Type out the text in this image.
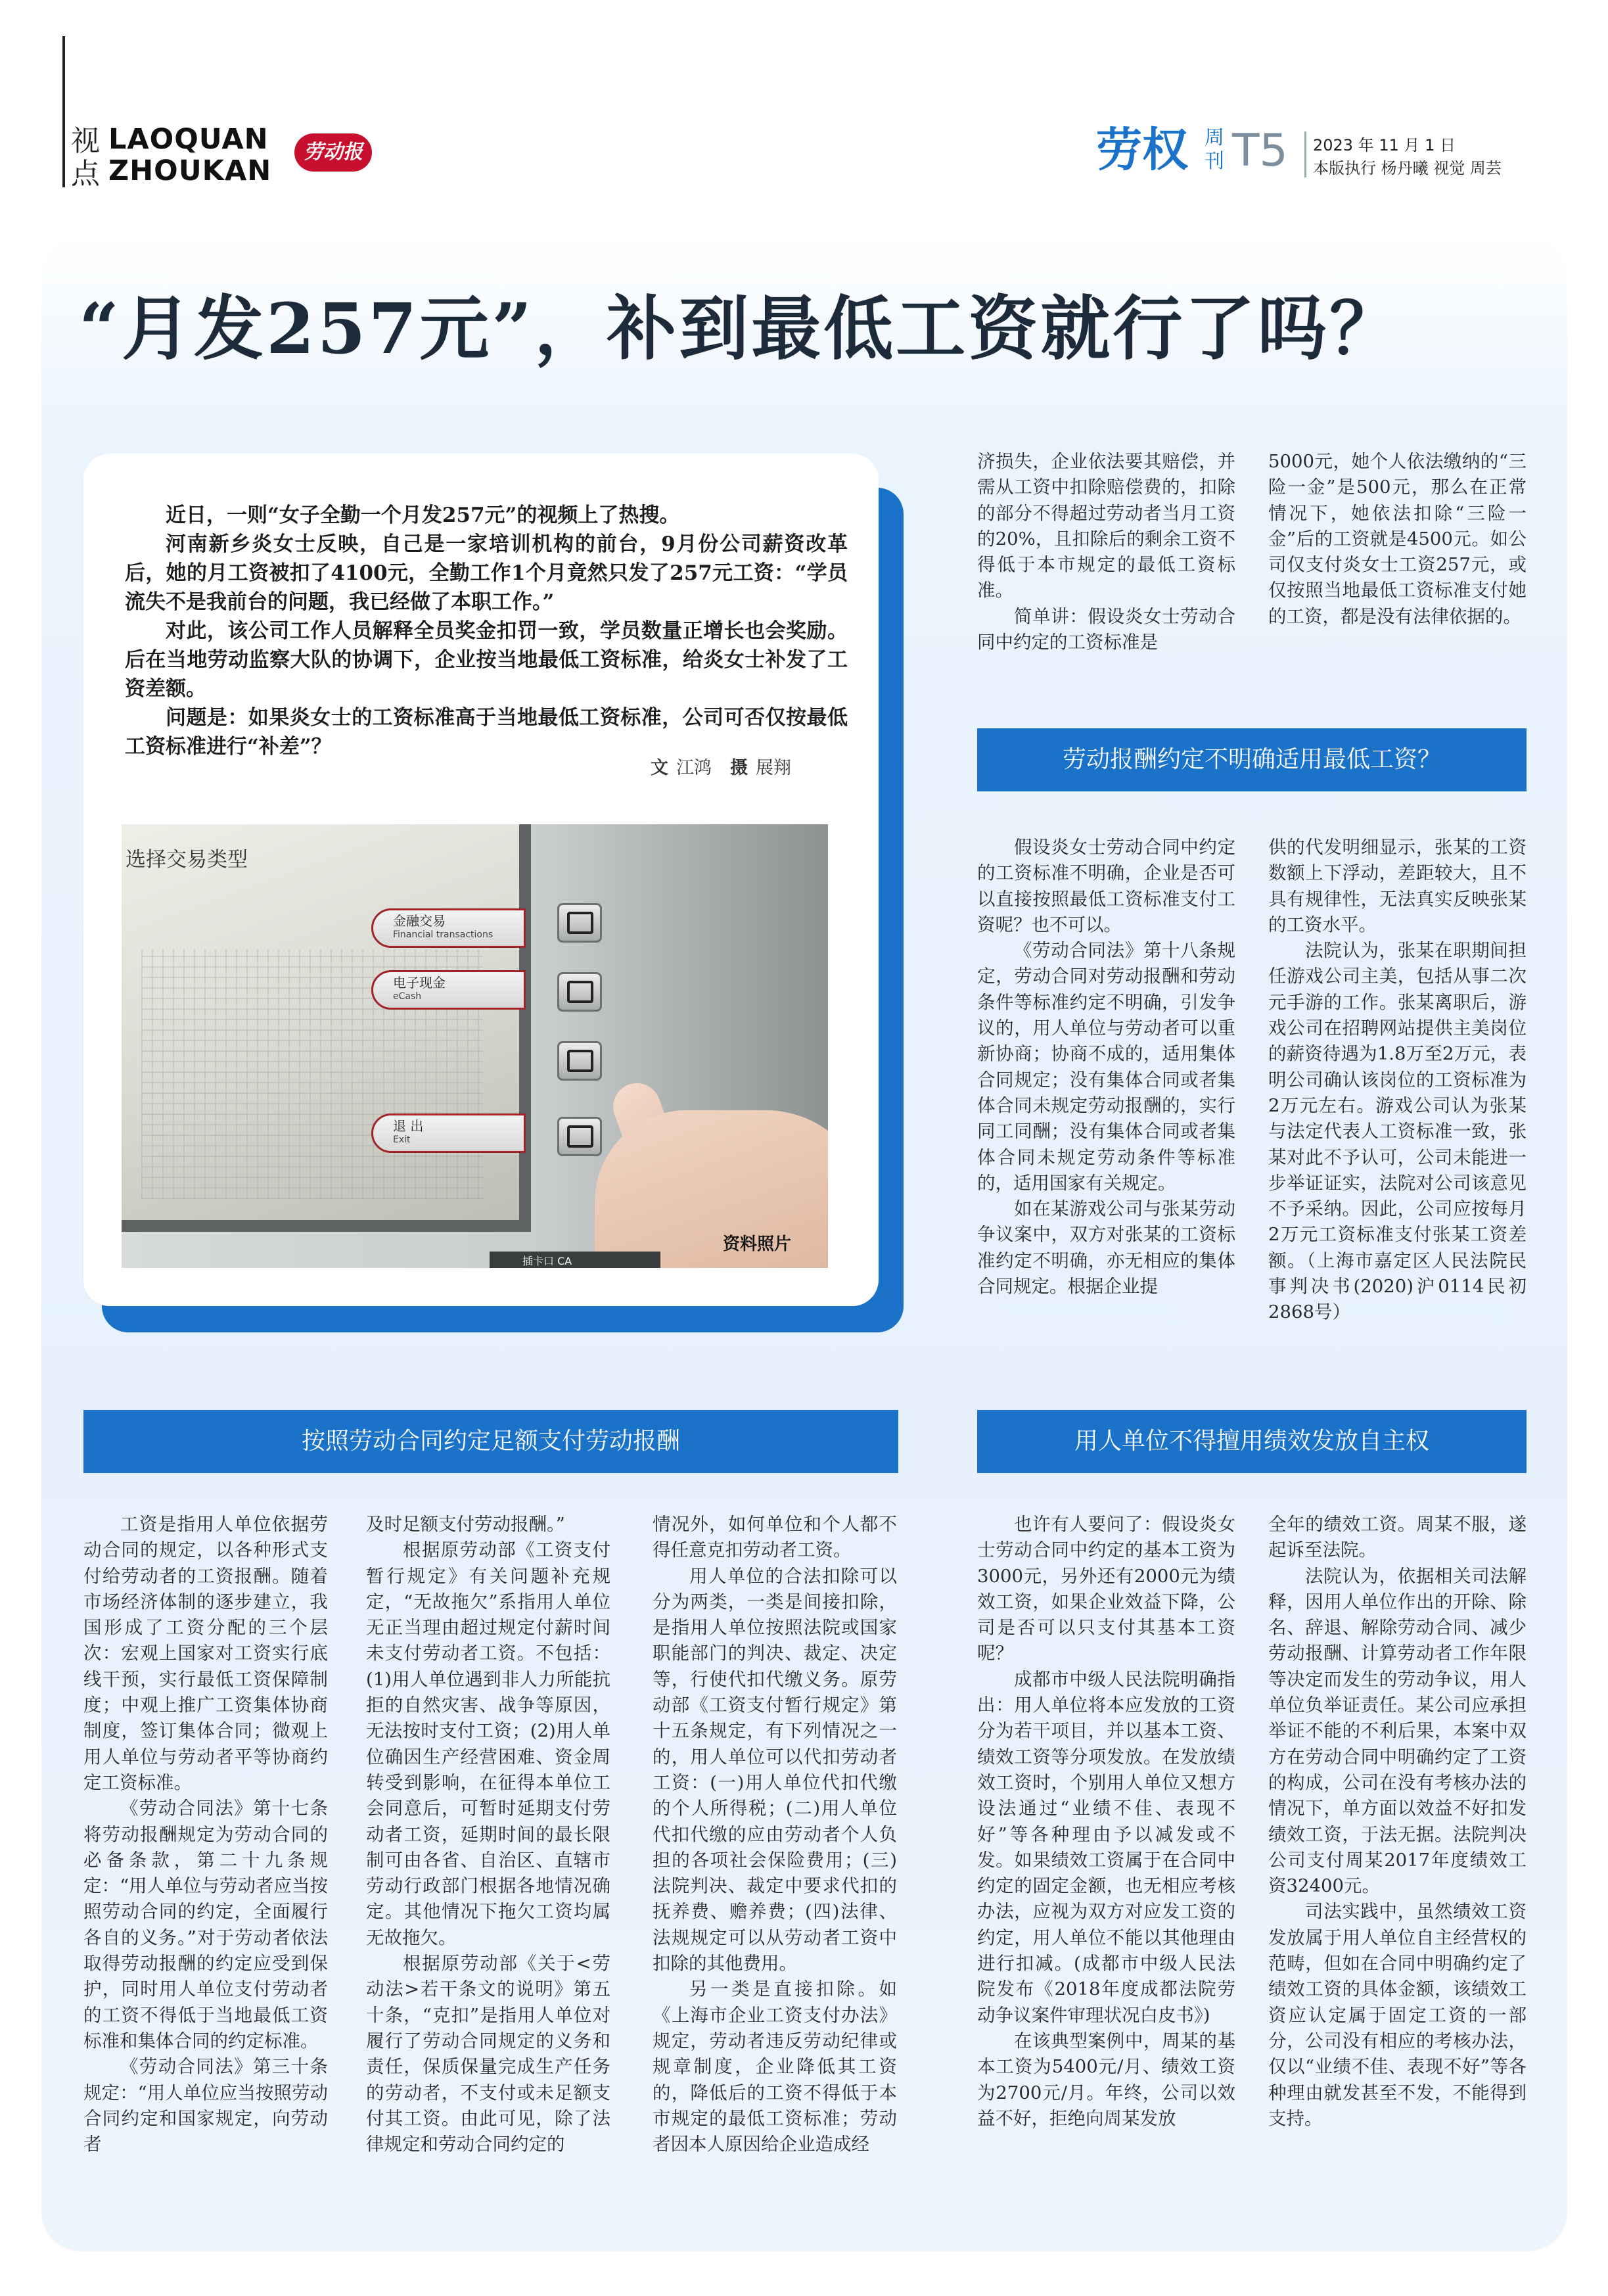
视点
LAOQUAN
ZHOUKAN
劳动报	劳权 周刊 T5 2023 年 11 月 1 日
本版执行 杨丹曦 视觉 周芸
“月发257元”，补到最低工资就行了吗？

近日，一则“女子全勤一个月发257元”的视频上了热搜。

河南新乡炎女士反映，自己是一家培训机构的前台，9月份公司薪资改革后，她的月工资被扣了4100元，全勤工作1个月竟然只发了257元工资：“学员流失不是我前台的问题，我已经做了本职工作。”

对此，该公司工作人员解释全员奖金扣罚一致，学员数量正增长也会奖励。后在当地劳动监察大队的协调下，企业按当地最低工资标准，给炎女士补发了工资差额。

问题是：如果炎女士的工资标准高于当地最低工资标准，公司可否仅按最低工资标准进行“补差”？

文 江鸿 摄 展翔
选择交易类型
金融交易
Financial transactions
电子现金
eCash
退 出
Exit
插卡口 CA
资料照片

济损失，企业依法要其赔偿，并需从工资中扣除赔偿费的，扣除的部分不得超过劳动者当月工资的20%，且扣除后的剩余工资不得低于本市规定的最低工资标准。

简单讲：假设炎女士劳动合同中约定的工资标准是

5000元，她个人依法缴纳的“三险一金”是500元，那么在正常情况下，她依法扣除“三险一金”后的工资就是4500元。如公司仅支付炎女士工资257元，或仅按照当地最低工资标准支付她的工资，都是没有法律依据的。

劳动报酬约定不明确适用最低工资？

假设炎女士劳动合同中约定的工资标准不明确，企业是否可以直接按照最低工资标准支付工资呢？也不可以。

《劳动合同法》第十八条规定，劳动合同对劳动报酬和劳动条件等标准约定不明确，引发争议的，用人单位与劳动者可以重新协商；协商不成的，适用集体合同规定；没有集体合同或者集体合同未规定劳动报酬的，实行同工同酬；没有集体合同或者集体合同未规定劳动条件等标准的，适用国家有关规定。

如在某游戏公司与张某劳动争议案中，双方对张某的工资标准约定不明确，亦无相应的集体合同规定。根据企业提

供的代发明细显示，张某的工资数额上下浮动，差距较大，且不具有规律性，无法真实反映张某的工资水平。

法院认为，张某在职期间担任游戏公司主美，包括从事二次元手游的工作。张某离职后，游戏公司在招聘网站提供主美岗位的薪资待遇为1.8万至2万元，表明公司确认该岗位的工资标准为2万元左右。游戏公司认为张某与法定代表人工资标准一致，张某对此不予认可，公司未能进一步举证证实，法院对公司该意见不予采纳。因此，公司应按每月2万元工资标准支付张某工资差额。（上海市嘉定区人民法院民事判决书(2020)沪0114民初2868号）

按照劳动合同约定足额支付劳动报酬

工资是指用人单位依据劳动合同的规定，以各种形式支付给劳动者的工资报酬。随着市场经济体制的逐步建立，我国形成了工资分配的三个层次：宏观上国家对工资实行底线干预，实行最低工资保障制度；中观上推广工资集体协商制度，签订集体合同；微观上用人单位与劳动者平等协商约定工资标准。

《劳动合同法》第十七条将劳动报酬规定为劳动合同的必备条款，第二十九条规定：“用人单位与劳动者应当按照劳动合同的约定，全面履行各自的义务。”对于劳动者依法取得劳动报酬的约定应受到保护，同时用人单位支付劳动者的工资不得低于当地最低工资标准和集体合同的约定标准。

《劳动合同法》第三十条规定：“用人单位应当按照劳动合同约定和国家规定，向劳动者

及时足额支付劳动报酬。”

根据原劳动部《工资支付暂行规定》有关问题补充规定，“无故拖欠”系指用人单位无正当理由超过规定付薪时间未支付劳动者工资。不包括：(1)用人单位遇到非人力所能抗拒的自然灾害、战争等原因，无法按时支付工资；(2)用人单位确因生产经营困难、资金周转受到影响，在征得本单位工会同意后，可暂时延期支付劳动者工资，延期时间的最长限制可由各省、自治区、直辖市劳动行政部门根据各地情况确定。其他情况下拖欠工资均属无故拖欠。

根据原劳动部《关于<劳动法>若干条文的说明》第五十条，“克扣”是指用人单位对履行了劳动合同规定的义务和责任，保质保量完成生产任务的劳动者，不支付或未足额支付其工资。由此可见，除了法律规定和劳动合同约定的

情况外，如何单位和个人都不得任意克扣劳动者工资。

用人单位的合法扣除可以分为两类，一类是间接扣除，是指用人单位按照法院或国家职能部门的判决、裁定、决定等，行使代扣代缴义务。原劳动部《工资支付暂行规定》第十五条规定，有下列情况之一的，用人单位可以代扣劳动者工资：(一)用人单位代扣代缴的个人所得税；(二)用人单位代扣代缴的应由劳动者个人负担的各项社会保险费用；(三)法院判决、裁定中要求代扣的抚养费、赡养费；(四)法律、法规规定可以从劳动者工资中扣除的其他费用。

另一类是直接扣除。如《上海市企业工资支付办法》规定，劳动者违反劳动纪律或规章制度，企业降低其工资的，降低后的工资不得低于本市规定的最低工资标准；劳动者因本人原因给企业造成经

用人单位不得擅用绩效发放自主权

也许有人要问了：假设炎女士劳动合同中约定的基本工资为3000元，另外还有2000元为绩效工资，如果企业效益下降，公司是否可以只支付其基本工资呢？

成都市中级人民法院明确指出：用人单位将本应发放的工资分为若干项目，并以基本工资、绩效工资等分项发放。在发放绩效工资时，个别用人单位又想方设法通过“业绩不佳、表现不好”等各种理由予以减发或不发。如果绩效工资属于在合同中约定的固定金额，也无相应考核办法，应视为双方对应发工资的约定，用人单位不能以其他理由进行扣减。(成都市中级人民法院发布《2018年度成都法院劳动争议案件审理状况白皮书》)

在该典型案例中，周某的基本工资为5400元/月、绩效工资为2700元/月。年终，公司以效益不好，拒绝向周某发放

全年的绩效工资。周某不服，遂起诉至法院。

法院认为，依据相关司法解释，因用人单位作出的开除、除名、辞退、解除劳动合同、减少劳动报酬、计算劳动者工作年限等决定而发生的劳动争议，用人单位负举证责任。某公司应承担举证不能的不利后果，本案中双方在劳动合同中明确约定了工资的构成，公司在没有考核办法的情况下，单方面以效益不好扣发绩效工资，于法无据。法院判决公司支付周某2017年度绩效工资32400元。

司法实践中，虽然绩效工资发放属于用人单位自主经营权的范畴，但如在合同中明确约定了绩效工资的具体金额，该绩效工资应认定属于固定工资的一部分，公司没有相应的考核办法，仅以“业绩不佳、表现不好”等各种理由就发甚至不发，不能得到支持。
